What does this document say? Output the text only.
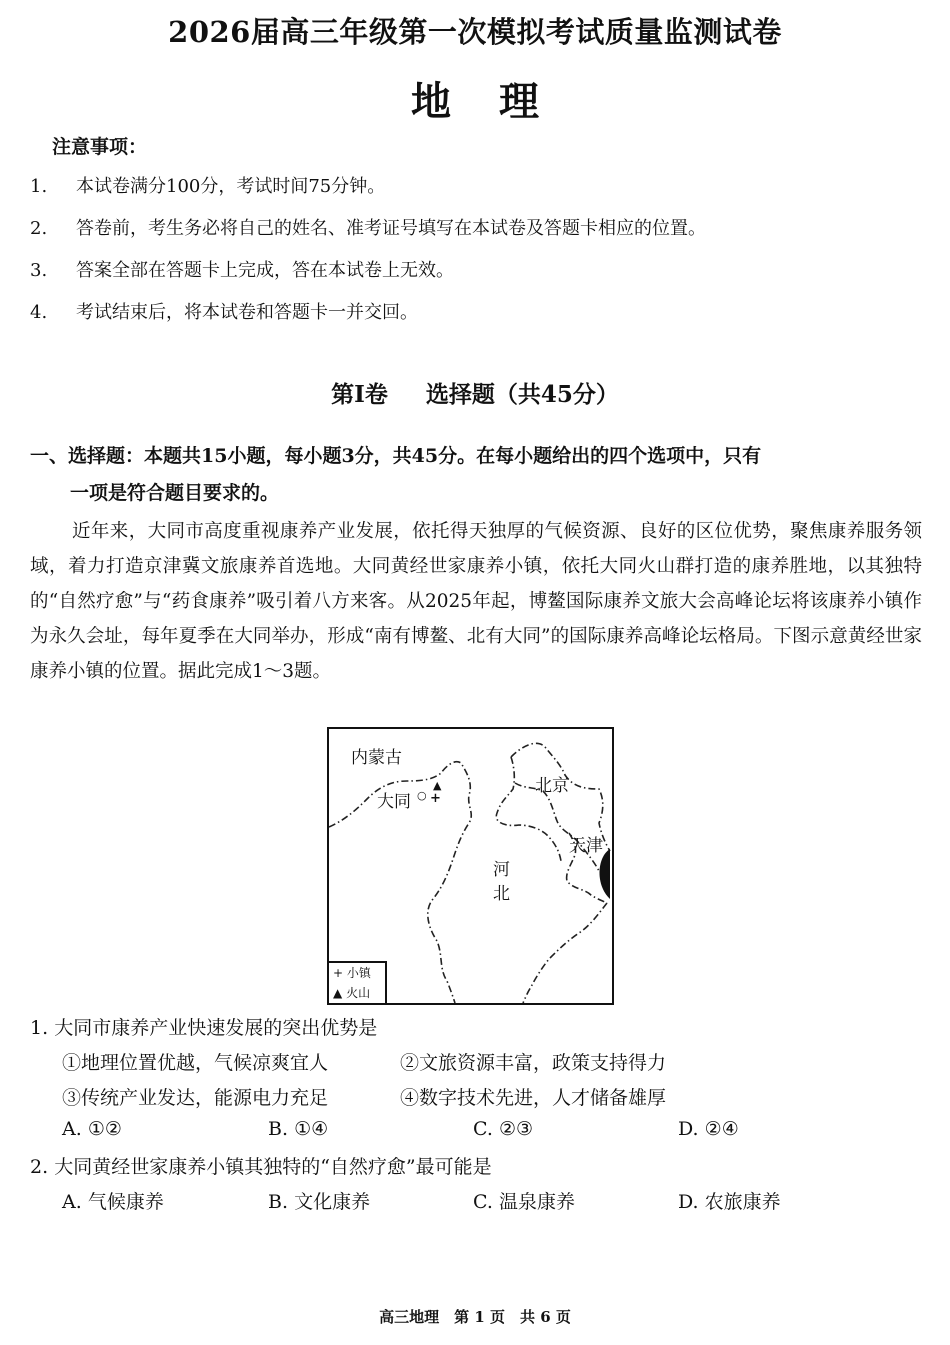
2026届高三年级第一次模拟考试质量监测试卷
地理
注意事项：
1. 本试卷满分100分，考试时间75分钟。
2. 答卷前，考生务必将自己的姓名、准考证号填写在本试卷及答题卡相应的位置。
3. 答案全部在答题卡上完成，答在本试卷上无效。
4. 考试结束后，将本试卷和答题卡一并交回。
第Ⅰ卷 选择题（共45分）
一、选择题：本题共15小题，每小题3分，共45分。在每小题给出的四个选项中，只有
一项是符合题目要求的。
近年来，大同市高度重视康养产业发展，依托得天独厚的气候资源、良好的区位优势，聚焦康养服务领域，着力打造京津冀文旅康养首选地。大同黄经世家康养小镇，依托大同火山群打造的康养胜地，以其独特的“自然疗愈”与“药食康养”吸引着八方来客。从2025年起，博鳌国际康养文旅大会高峰论坛将该康养小镇作为永久会址，每年夏季在大同举办，形成“南有博鳌、北有大同”的国际康养高峰论坛格局。下图示意黄经世家康养小镇的位置。据此完成1～3题。
内蒙古
大同 ○
▲
+
北京
天津
河
北
+ 小镇
▲ 火山
1. 大同市康养产业快速发展的突出优势是
①地理位置优越，气候凉爽宜人	②文旅资源丰富，政策支持得力
③传统产业发达，能源电力充足	④数字技术先进，人才储备雄厚
A. ①②	B. ①④	C. ②③	D. ②④
2. 大同黄经世家康养小镇其独特的“自然疗愈”最可能是
A. 气候康养	B. 文化康养	C. 温泉康养	D. 农旅康养
高三地理　第 1 页　共 6 页
